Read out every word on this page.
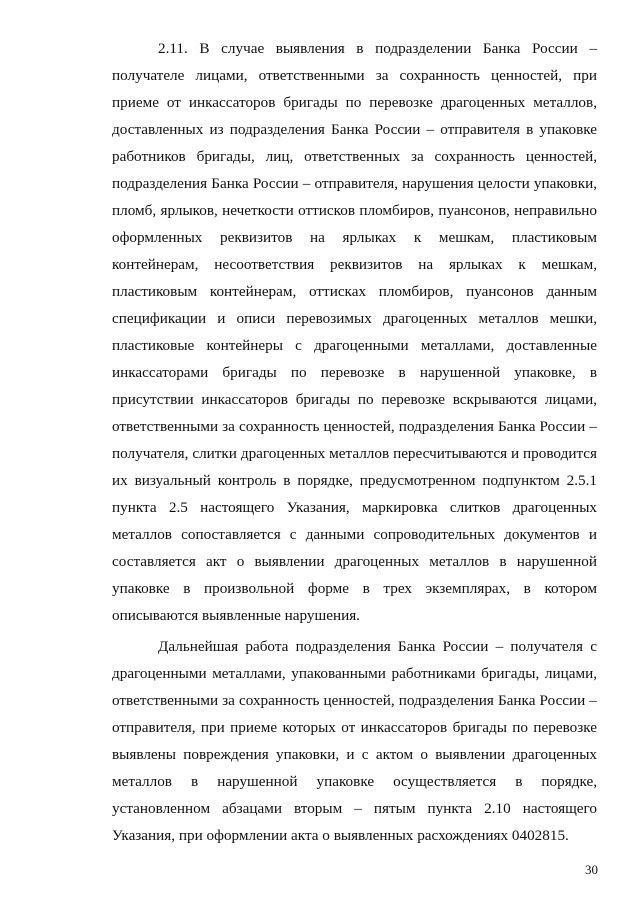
2.11. В случае выявления в подразделении Банка России –
получателе лицами, ответственными за сохранность ценностей, при
приеме от инкассаторов бригады по перевозке драгоценных металлов,
доставленных из подразделения Банка России – отправителя в упаковке
работников бригады, лиц, ответственных за сохранность ценностей,
подразделения Банка России – отправителя, нарушения целости упаковки,
пломб, ярлыков, нечеткости оттисков пломбиров, пуансонов, неправильно
оформленных реквизитов на ярлыках к мешкам, пластиковым
контейнерам, несоответствия реквизитов на ярлыках к мешкам,
пластиковым контейнерам, оттисках пломбиров, пуансонов данным
спецификации и описи перевозимых драгоценных металлов мешки,
пластиковые контейнеры с драгоценными металлами, доставленные
инкассаторами бригады по перевозке в нарушенной упаковке, в
присутствии инкассаторов бригады по перевозке вскрываются лицами,
ответственными за сохранность ценностей, подразделения Банка России –
получателя, слитки драгоценных металлов пересчитываются и проводится
их визуальный контроль в порядке, предусмотренном подпунктом 2.5.1
пункта 2.5 настоящего Указания, маркировка слитков драгоценных
металлов сопоставляется с данными сопроводительных документов и
составляется акт о выявлении драгоценных металлов в нарушенной
упаковке в произвольной форме в трех экземплярах, в котором
описываются выявленные нарушения.
Дальнейшая работа подразделения Банка России – получателя с
драгоценными металлами, упакованными работниками бригады, лицами,
ответственными за сохранность ценностей, подразделения Банка России –
отправителя, при приеме которых от инкассаторов бригады по перевозке
выявлены повреждения упаковки, и с актом о выявлении драгоценных
металлов в нарушенной упаковке осуществляется в порядке,
установленном абзацами вторым – пятым пункта 2.10 настоящего
Указания, при оформлении акта о выявленных расхождениях 0402815.
30
